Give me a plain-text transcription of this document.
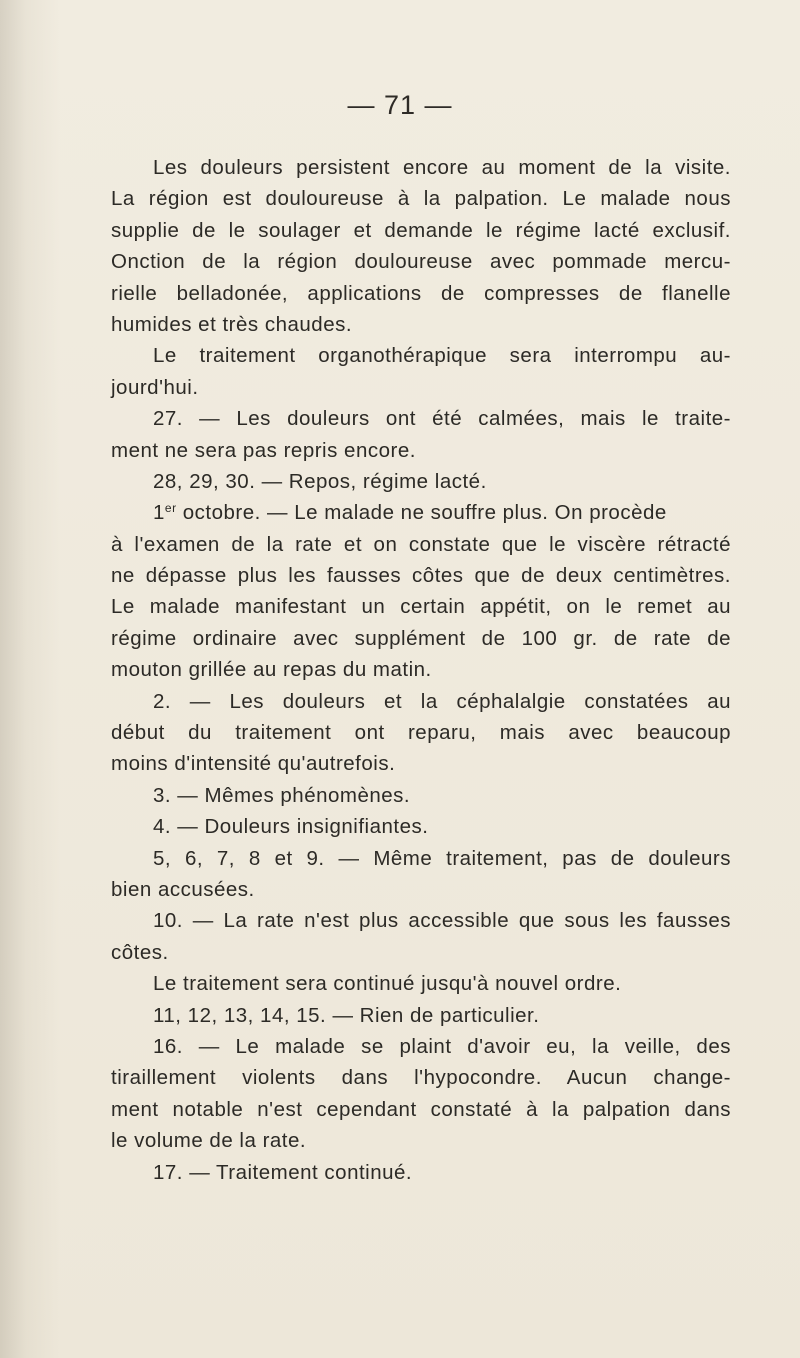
— 71 —
Les douleurs persistent encore au moment de la visite.
La région est douloureuse à la palpation. Le malade nous
supplie de le soulager et demande le régime lacté exclusif.
Onction de la région douloureuse avec pommade mercu-
rielle belladonée, applications de compresses de flanelle
humides et très chaudes.
Le traitement organothérapique sera interrompu au-
jourd'hui.
27. — Les douleurs ont été calmées, mais le traite-
ment ne sera pas repris encore.
28, 29, 30. — Repos, régime lacté.
1er octobre. — Le malade ne souffre plus. On procède
à l'examen de la rate et on constate que le viscère rétracté
ne dépasse plus les fausses côtes que de deux centimètres.
Le malade manifestant un certain appétit, on le remet au
régime ordinaire avec supplément de 100 gr. de rate de
mouton grillée au repas du matin.
2. — Les douleurs et la céphalalgie constatées au
début du traitement ont reparu, mais avec beaucoup
moins d'intensité qu'autrefois.
3. — Mêmes phénomènes.
4. — Douleurs insignifiantes.
5, 6, 7, 8 et 9. — Même traitement, pas de douleurs
bien accusées.
10. — La rate n'est plus accessible que sous les fausses
côtes.
Le traitement sera continué jusqu'à nouvel ordre.
11, 12, 13, 14, 15. — Rien de particulier.
16. — Le malade se plaint d'avoir eu, la veille, des
tiraillement violents dans l'hypocondre. Aucun change-
ment notable n'est cependant constaté à la palpation dans
le volume de la rate.
17. — Traitement continué.
